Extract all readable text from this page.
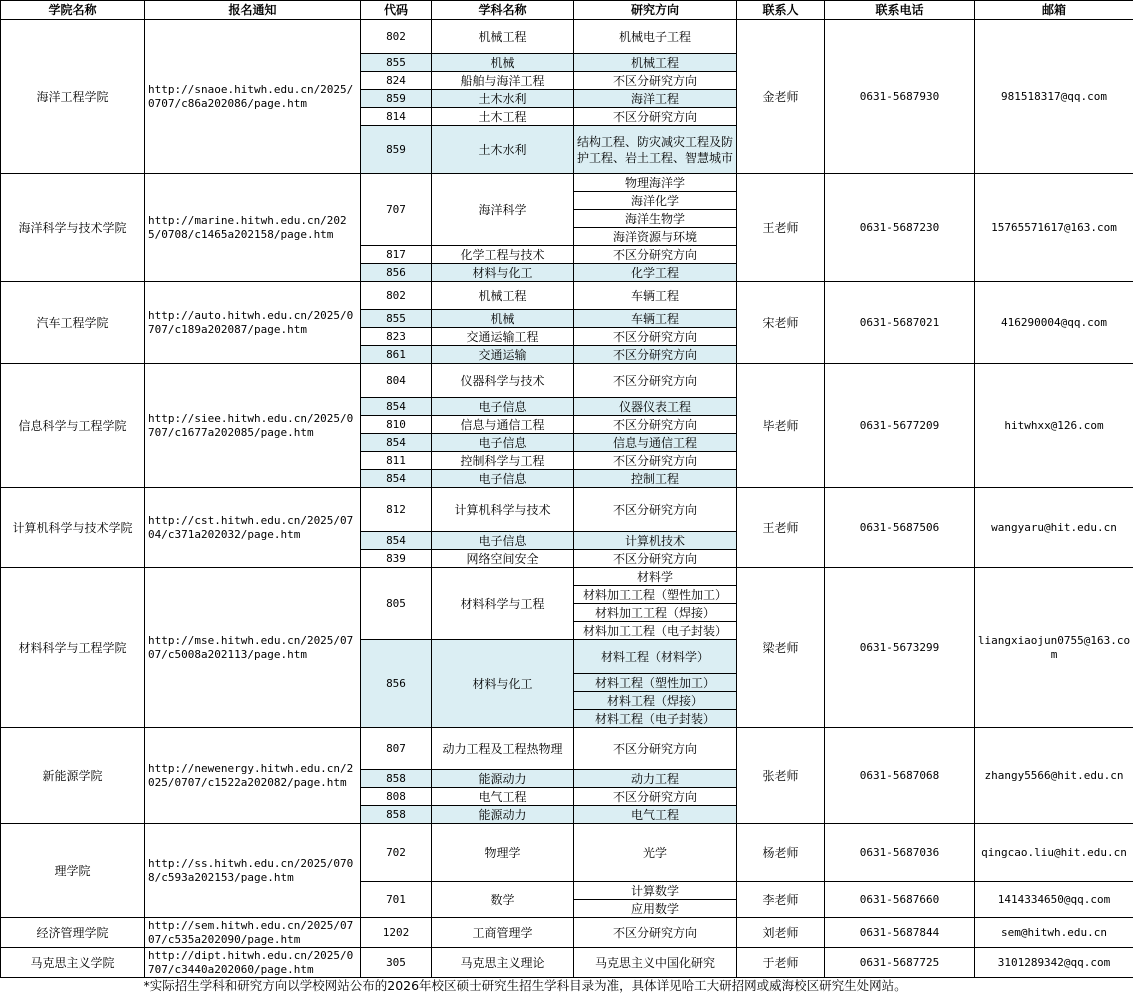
学院名称	报名通知	代码	学科名称	研究方向	联系人	联系电话	邮箱
海洋工程学院	http://snaoe.hitwh.edu.cn/2025/0707/c86a202086/page.htm	802	机械工程	机械电子工程	金老师	0631-5687930	981518317@qq.com
		855	机械	机械工程			
		824	船舶与海洋工程	不区分研究方向			
		859	土木水利	海洋工程			
		814	土木工程	不区分研究方向			
		859	土木水利	结构工程、防灾减灾工程及防护工程、岩土工程、智慧城市			
海洋科学与技术学院	http://marine.hitwh.edu.cn/2025/0708/c1465a202158/page.htm	707	海洋科学	物理海洋学	王老师	0631-5687230	15765571617@163.com
				海洋化学			
				海洋生物学			
				海洋资源与环境			
		817	化学工程与技术	不区分研究方向			
		856	材料与化工	化学工程			
汽车工程学院	http://auto.hitwh.edu.cn/2025/0707/c189a202087/page.htm	802	机械工程	车辆工程	宋老师	0631-5687021	416290004@qq.com
		855	机械	车辆工程			
		823	交通运输工程	不区分研究方向			
		861	交通运输	不区分研究方向			
信息科学与工程学院	http://siee.hitwh.edu.cn/2025/0707/c1677a202085/page.htm	804	仪器科学与技术	不区分研究方向	毕老师	0631-5677209	hitwhxx@126.com
		854	电子信息	仪器仪表工程			
		810	信息与通信工程	不区分研究方向			
		854	电子信息	信息与通信工程			
		811	控制科学与工程	不区分研究方向			
		854	电子信息	控制工程			
计算机科学与技术学院	http://cst.hitwh.edu.cn/2025/0704/c371a202032/page.htm	812	计算机科学与技术	不区分研究方向	王老师	0631-5687506	wangyaru@hit.edu.cn
		854	电子信息	计算机技术			
		839	网络空间安全	不区分研究方向			
材料科学与工程学院	http://mse.hitwh.edu.cn/2025/0707/c5008a202113/page.htm	805	材料科学与工程	材料学	梁老师	0631-5673299	liangxiaojun0755@163.com
				材料加工工程（塑性加工）			
				材料加工工程（焊接）			
				材料加工工程（电子封装）			
		856	材料与化工	材料工程（材料学）			
				材料工程（塑性加工）			
				材料工程（焊接）			
				材料工程（电子封装）			
新能源学院	http://newenergy.hitwh.edu.cn/2025/0707/c1522a202082/page.htm	807	动力工程及工程热物理	不区分研究方向	张老师	0631-5687068	zhangy5566@hit.edu.cn
		858	能源动力	动力工程			
		808	电气工程	不区分研究方向			
		858	能源动力	电气工程			
理学院	http://ss.hitwh.edu.cn/2025/0708/c593a202153/page.htm	702	物理学	光学	杨老师	0631-5687036	qingcao.liu@hit.edu.cn
		701	数学	计算数学	李老师	0631-5687660	1414334650@qq.com
				应用数学			
经济管理学院	http://sem.hitwh.edu.cn/2025/0707/c535a202090/page.htm	1202	工商管理学	不区分研究方向	刘老师	0631-5687844	sem@hitwh.edu.cn
马克思主义学院	http://dipt.hitwh.edu.cn/2025/0707/c3440a202060/page.htm	305	马克思主义理论	马克思主义中国化研究	于老师	0631-5687725	3101289342@qq.com
*实际招生学科和研究方向以学校网站公布的2026年校区硕士研究生招生学科目录为准，具体详见哈工大研招网或威海校区研究生处网站。							
